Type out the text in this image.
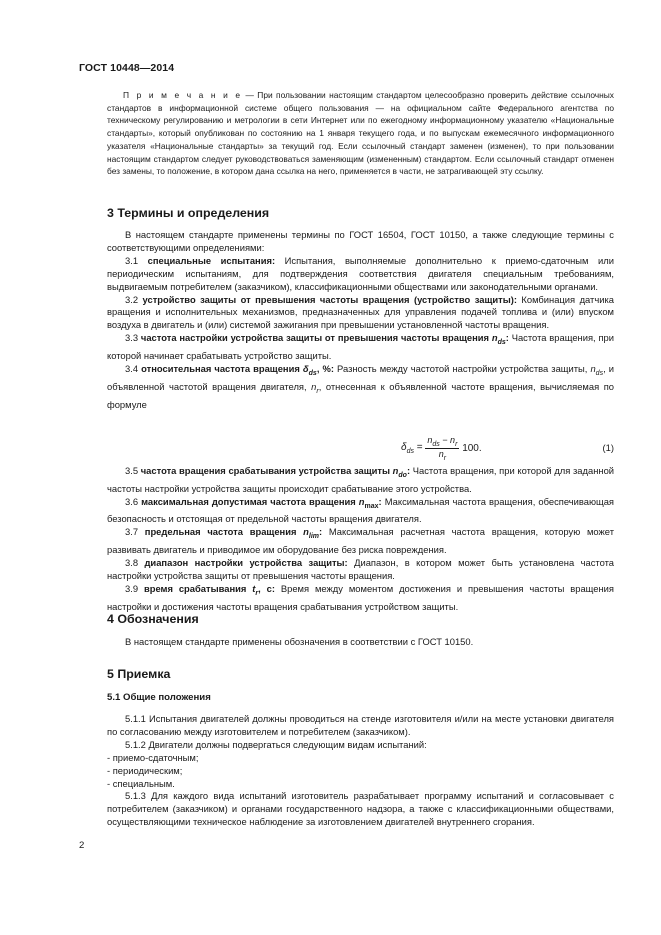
ГОСТ 10448—2014

П р и м е ч а н и е — При пользовании настоящим стандартом целесообразно проверить действие ссылочных стандартов в информационной системе общего пользования — на официальном сайте Федерального агентства по техническому регулированию и метрологии в сети Интернет или по ежегодному информационному указателю «Национальные стандарты», который опубликован по состоянию на 1 января текущего года, и по выпускам ежемесячного информационного указателя «Национальные стандарты» за текущий год. Если ссылочный стандарт заменен (изменен), то при пользовании настоящим стандартом следует руководствоваться заменяющим (измененным) стандартом. Если ссылочный стандарт отменен без замены, то положение, в котором дана ссылка на него, применяется в части, не затрагивающей эту ссылку.

3 Термины и определения

В настоящем стандарте применены термины по ГОСТ 16504, ГОСТ 10150, а также следующие термины с соответствующими определениями:

3.1 специальные испытания: Испытания, выполняемые дополнительно к приемо-сдаточным или периодическим испытаниям, для подтверждения соответствия двигателя специальным требованиям, выдвигаемым потребителем (заказчиком), классификационными обществами или законодательными органами.

3.2 устройство защиты от превышения частоты вращения (устройство защиты): Комбинация датчика вращения и исполнительных механизмов, предназначенных для управления подачей топлива и (или) впуском воздуха в двигатель и (или) системой зажигания при превышении установленной частоты вращения.

3.3 частота настройки устройства защиты от превышения частоты вращения $n_{ds}$: Частота вращения, при которой начинает срабатывать устройство защиты.

3.4 относительная частота вращения $\delta_{ds}$, %: Разность между частотой настройки устройства защиты, $n_{ds}$, и объявленной частотой вращения двигателя, $n_r$, отнесенная к объявленной частоте вращения, вычисляемая по формуле

$\delta_{ds} = \frac{n_{ds} - n_r}{n_r} 100$.	(1)

3.5 частота вращения срабатывания устройства защиты $n_{do}$: Частота вращения, при которой для заданной частоты настройки устройства защиты происходит срабатывание этого устройства.

3.6 максимальная допустимая частота вращения $n_{max}$: Максимальная частота вращения, обеспечивающая безопасность и отстоящая от предельной частоты вращения двигателя.

3.7 предельная частота вращения $n_{lim}$: Максимальная расчетная частота вращения, которую может развивать двигатель и приводимое им оборудование без риска повреждения.

3.8 диапазон настройки устройства защиты: Диапазон, в котором может быть установлена частота настройки устройства защиты от превышения частоты вращения.

3.9 время срабатывания $t_r$, с: Время между моментом достижения и превышения частоты вращения настройки и достижения частоты вращения срабатывания устройством защиты.

4 Обозначения

В настоящем стандарте применены обозначения в соответствии с ГОСТ 10150.

5 Приемка

5.1 Общие положения

5.1.1 Испытания двигателей должны проводиться на стенде изготовителя и/или на месте установки двигателя по согласованию между изготовителем и потребителем (заказчиком).

5.1.2 Двигатели должны подвергаться следующим видам испытаний:

- приемо-сдаточным;

- периодическим;

- специальным.

5.1.3 Для каждого вида испытаний изготовитель разрабатывает программу испытаний и согласовывает с потребителем (заказчиком) и органами государственного надзора, а также с классификационными обществами, осуществляющими техническое наблюдение за изготовлением двигателей внутреннего сгорания.

2
